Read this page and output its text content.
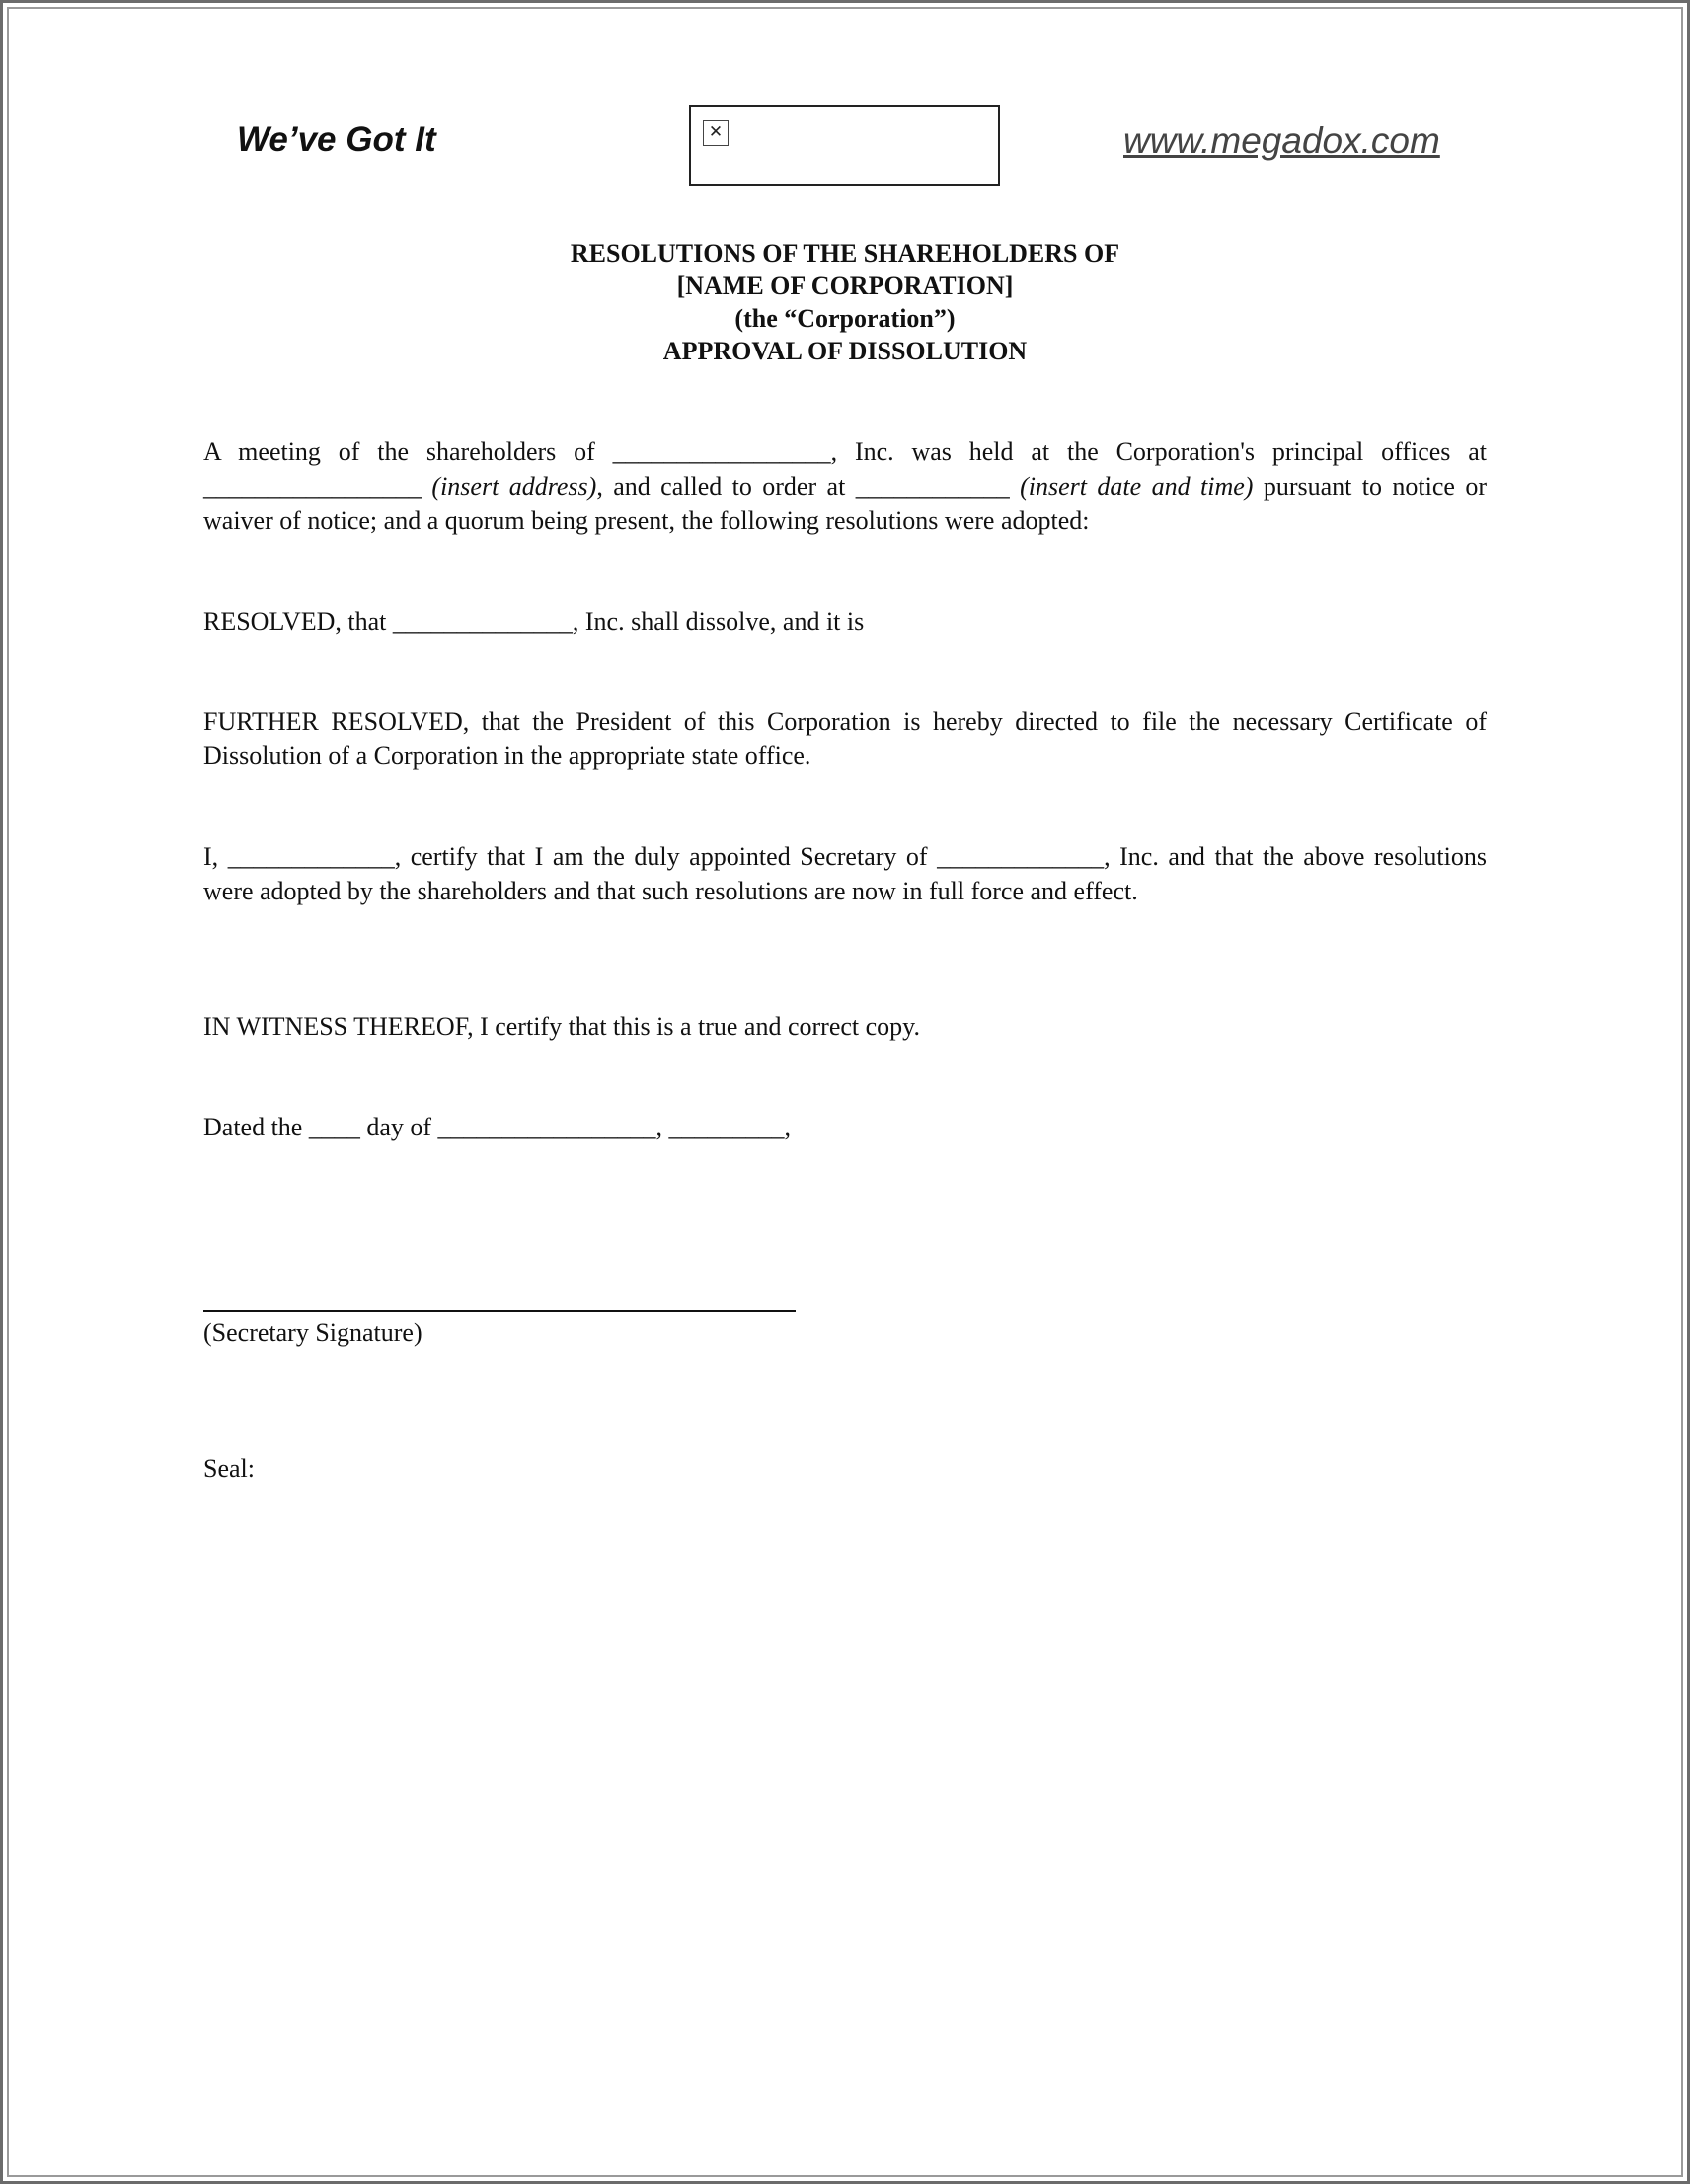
We’ve Got It	✕	www.megadox.com
RESOLUTIONS OF THE SHAREHOLDERS OF
[NAME OF CORPORATION]
(the “Corporation”)
APPROVAL OF DISSOLUTION
A meeting of the shareholders of _________________, Inc. was held at the Corporation's principal offices at _________________ (insert address), and called to order at ____________ (insert date and time) pursuant to notice or waiver of notice; and a quorum being present, the following resolutions were adopted:
RESOLVED, that ______________, Inc. shall dissolve, and it is
FURTHER RESOLVED, that the President of this Corporation is hereby directed to file the necessary Certificate of Dissolution of a Corporation in the appropriate state office.
I, _____________, certify that I am the duly appointed Secretary of _____________, Inc. and that the above resolutions were adopted by the shareholders and that such resolutions are now in full force and effect.
IN WITNESS THEREOF, I certify that this is a true and correct copy.
Dated the ____ day of _________________, _________,
(Secretary Signature)
Seal:
